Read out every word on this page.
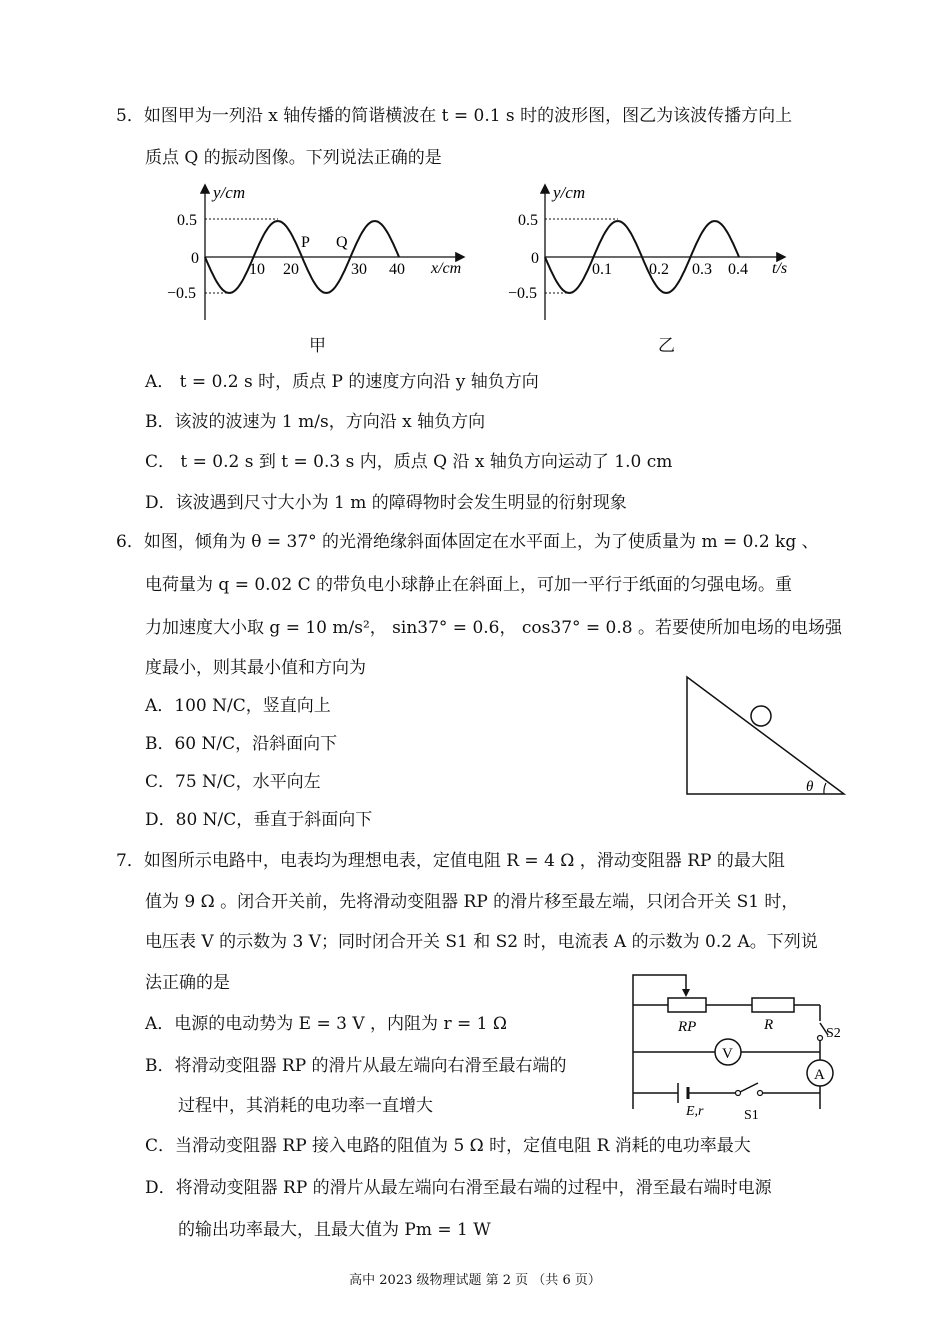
5．如图甲为一列沿 x 轴传播的简谐横波在 t = 0.1 s 时的波形图，图乙为该波传播方向上
质点 Q 的振动图像。下列说法正确的是
y/cm
0.5
0
−0.5
10 20	30 40 x/cm
P Q
甲
y/cm
0.5
0
−0.5
0.1 0.2 0.3 0.4 t/s
乙
A． t = 0.2 s 时，质点 P 的速度方向沿 y 轴负方向
B．该波的波速为 1 m/s，方向沿 x 轴负方向
C． t = 0.2 s 到 t = 0.3 s 内，质点 Q 沿 x 轴负方向运动了 1.0 cm
D．该波遇到尺寸大小为 1 m 的障碍物时会发生明显的衍射现象
6．如图，倾角为 θ = 37° 的光滑绝缘斜面体固定在水平面上，为了使质量为 m = 0.2 kg 、
电荷量为 q = 0.02 C 的带负电小球静止在斜面上，可加一平行于纸面的匀强电场。重
力加速度大小取 g = 10 m/s²， sin37° = 0.6， cos37° = 0.8 。若要使所加电场的电场强
度最小，则其最小值和方向为
θ
A．100 N/C，竖直向上
B．60 N/C，沿斜面向下
C．75 N/C，水平向左
D．80 N/C，垂直于斜面向下
7．如图所示电路中，电表均为理想电表，定值电阻 R = 4 Ω ，滑动变阻器 RP 的最大阻
值为 9 Ω 。闭合开关前，先将滑动变阻器 RP 的滑片移至最左端，只闭合开关 S1 时，
电压表 V 的示数为 3 V；同时闭合开关 S1 和 S2 时，电流表 A 的示数为 0.2 A。下列说
法正确的是
V
A
RP	R
S2
E,r	S1
A．电源的电动势为 E = 3 V ，内阻为 r = 1 Ω
B．将滑动变阻器 RP 的滑片从最左端向右滑至最右端的
过程中，其消耗的电功率一直增大
C．当滑动变阻器 RP 接入电路的阻值为 5 Ω 时，定值电阻 R 消耗的电功率最大
D．将滑动变阻器 RP 的滑片从最左端向右滑至最右端的过程中，滑至最右端时电源
的输出功率最大，且最大值为 Pm = 1 W
高中 2023 级物理试题 第 2 页 （共 6 页）
